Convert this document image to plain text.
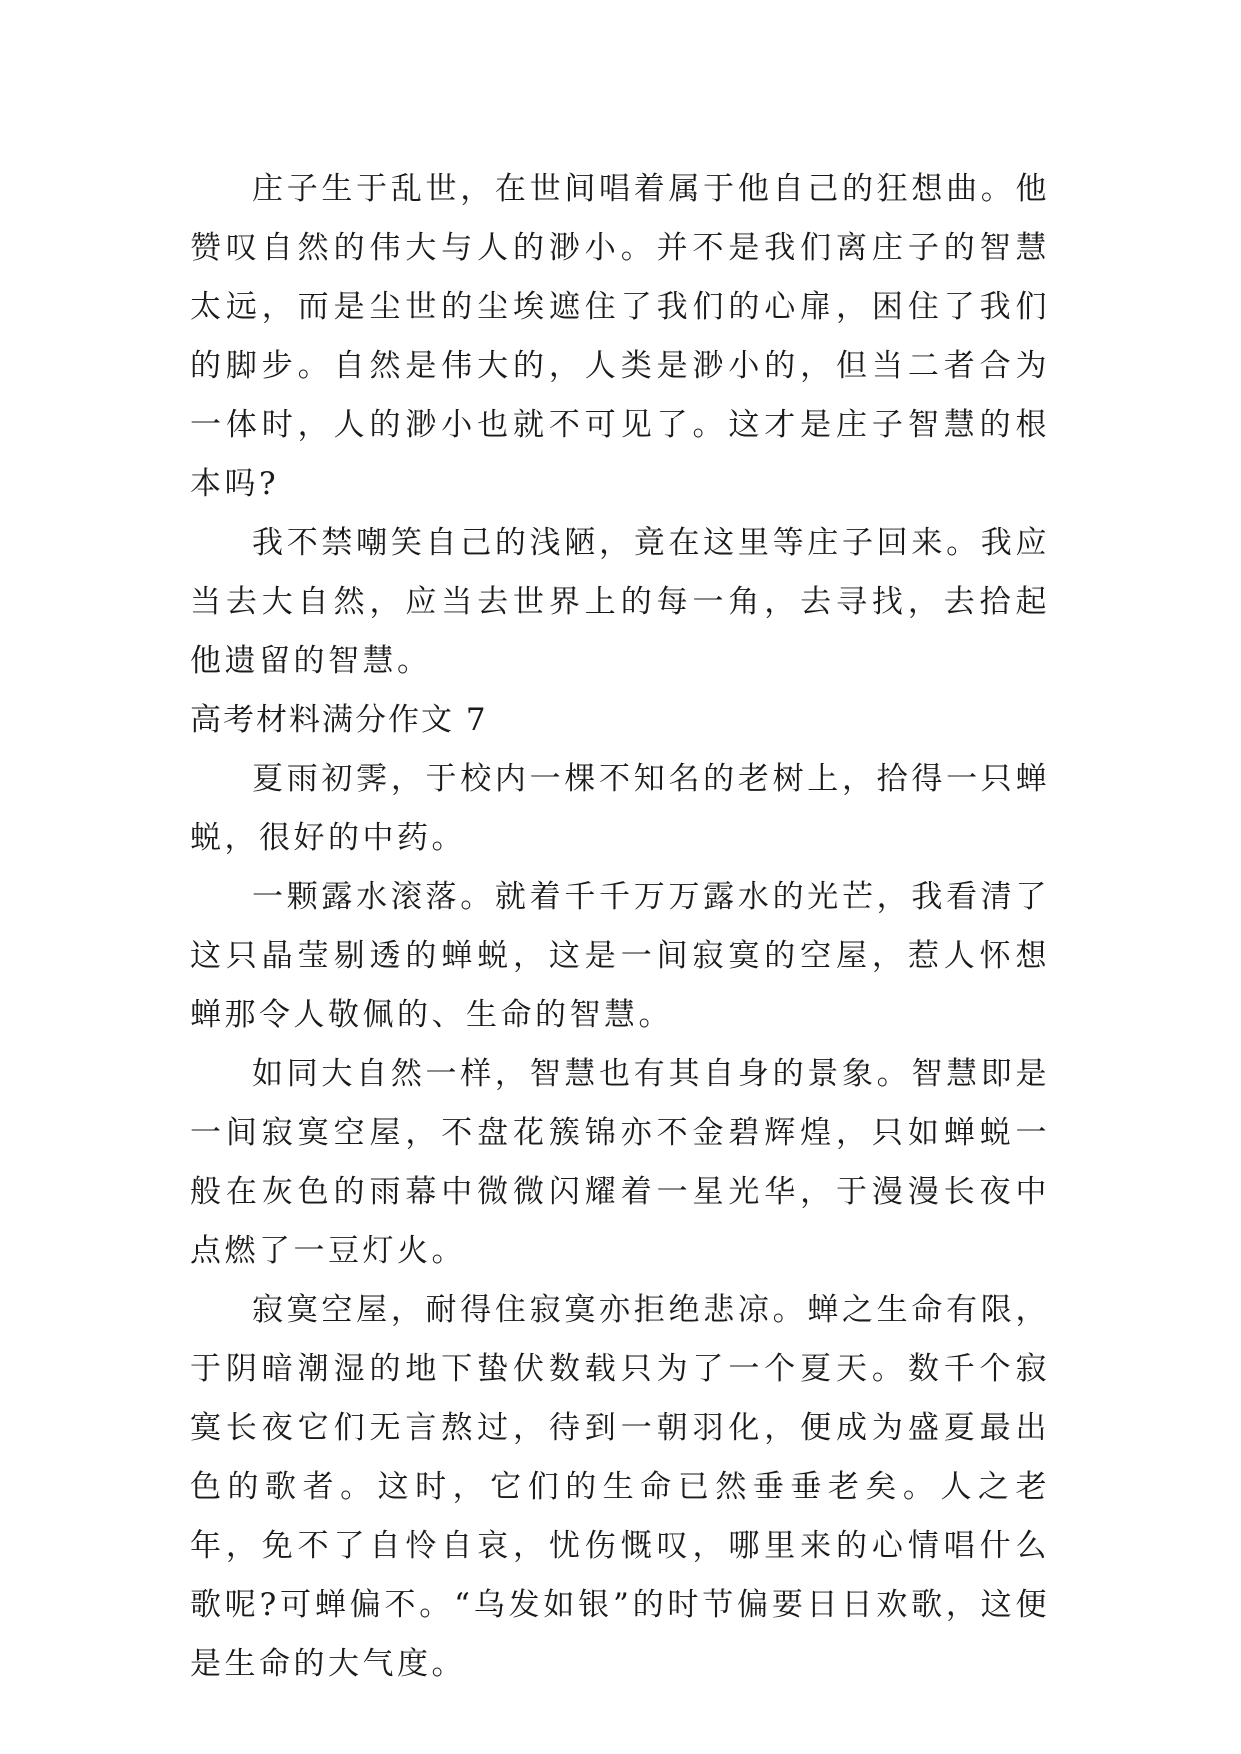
庄子生于乱世，在世间唱着属于他自己的狂想曲。他赞叹自然的伟大与人的渺小。并不是我们离庄子的智慧太远，而是尘世的尘埃遮住了我们的心扉，困住了我们的脚步。自然是伟大的，人类是渺小的，但当二者合为一体时，人的渺小也就不可见了。这才是庄子智慧的根本吗?

我不禁嘲笑自己的浅陋，竟在这里等庄子回来。我应当去大自然，应当去世界上的每一角，去寻找，去拾起他遗留的智慧。

高考材料满分作文 7

夏雨初霁，于校内一棵不知名的老树上，拾得一只蝉蜕，很好的中药。

一颗露水滚落。就着千千万万露水的光芒，我看清了这只晶莹剔透的蝉蜕，这是一间寂寞的空屋，惹人怀想蝉那令人敬佩的、生命的智慧。

如同大自然一样，智慧也有其自身的景象。智慧即是一间寂寞空屋，不盘花簇锦亦不金碧辉煌，只如蝉蜕一般在灰色的雨幕中微微闪耀着一星光华，于漫漫长夜中点燃了一豆灯火。

寂寞空屋，耐得住寂寞亦拒绝悲凉。蝉之生命有限，于阴暗潮湿的地下蛰伏数载只为了一个夏天。数千个寂寞长夜它们无言熬过，待到一朝羽化，便成为盛夏最出色的歌者。这时，它们的生命已然垂垂老矣。人之老年，免不了自怜自哀，忧伤慨叹，哪里来的心情唱什么歌呢?可蝉偏不。“乌发如银”的时节偏要日日欢歌，这便是生命的大气度。
